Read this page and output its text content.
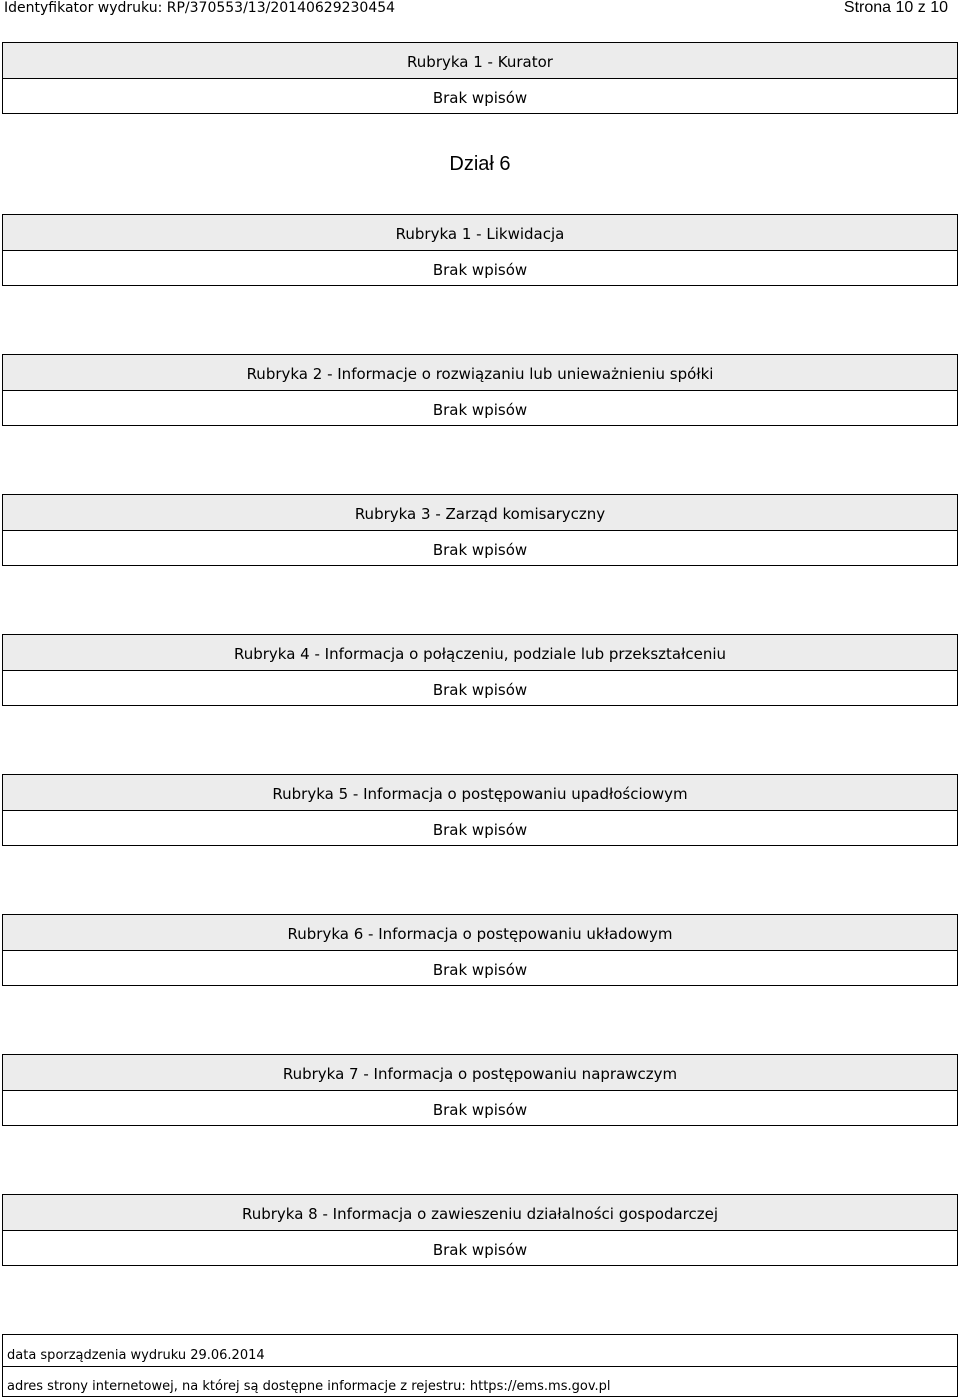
Identyfikator wydruku: RP/370553/13/20140629230454	Strona 10 z 10
Rubryka 1 - Kurator
Brak wpisów
Dział 6
Rubryka 1 - Likwidacja
Brak wpisów
Rubryka 2 - Informacje o rozwiązaniu lub unieważnieniu spółki
Brak wpisów
Rubryka 3 - Zarząd komisaryczny
Brak wpisów
Rubryka 4 - Informacja o połączeniu, podziale lub przekształceniu
Brak wpisów
Rubryka 5 - Informacja o postępowaniu upadłościowym
Brak wpisów
Rubryka 6 - Informacja o postępowaniu układowym
Brak wpisów
Rubryka 7 - Informacja o postępowaniu naprawczym
Brak wpisów
Rubryka 8 - Informacja o zawieszeniu działalności gospodarczej
Brak wpisów
data sporządzenia wydruku 29.06.2014
adres strony internetowej, na której są dostępne informacje z rejestru: https://ems.ms.gov.pl
